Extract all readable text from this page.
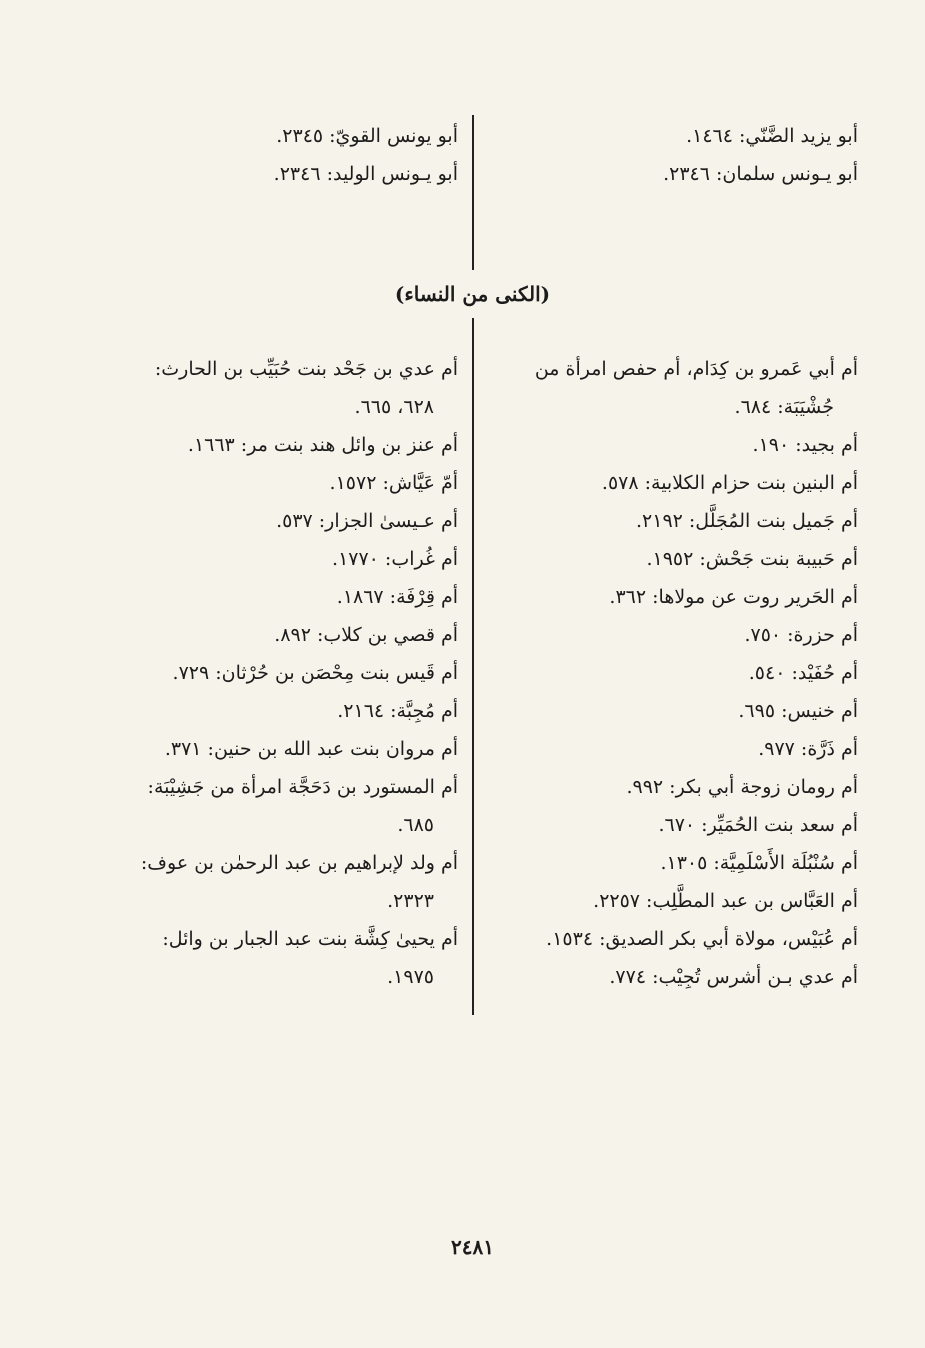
أبو يزيد الضَّنّي: ١٤٦٤.
أبو يـونس سلمان: ٢٣٤٦.
أبو يونس القويّ: ٢٣٤٥.
أبو يـونس الوليد: ٢٣٤٦.
(الكنى من النساء)
أم أبي عَمرو بن كِدَام، أم حفص امرأة من
جُشْيَبَة: ٦٨٤.
أم بجيد: ١٩٠.
أم البنين بنت حزام الكلابية: ٥٧٨.
أم جَميل بنت المُجَلَّل: ٢١٩٢.
أم حَبيبة بنت جَحْش: ١٩٥٢.
أم الحَرير روت عن مولاها: ٣٦٢.
أم حزرة: ٧٥٠.
أم حُفَيْد: ٥٤٠.
أم خنيس: ٦٩٥.
أم ذَرَّة: ٩٧٧.
أم رومان زوجة أبي بكر: ٩٩٢.
أم سعد بنت الحُمَيِّر: ٦٧٠.
أم سُنْبُلَة الأَسْلَمِيَّة: ١٣٠٥.
أم العَبَّاس بن عبد المطَّلِب: ٢٢٥٧.
أم عُبَيْس، مولاة أبي بكر الصديق: ١٥٣٤.
أم عدي بـن أشرس تُجِيْب: ٧٧٤.
أم عدي بن جَحْد بنت حُبَيِّب بن الحارث:
٦٢٨، ٦٦٥.
أم عنز بن وائل هند بنت مر: ١٦٦٣.
أمّ عَيَّاش: ١٥٧٢.
أم عـيسىٰ الجزار: ٥٣٧.
أم غُراب: ١٧٧٠.
أم قِرْفَة: ١٨٦٧.
أم قصي بن كلاب: ٨٩٢.
أم قَيس بنت مِحْصَن بن حُرْثان: ٧٢٩.
أم مُجِبَّة: ٢١٦٤.
أم مروان بنت عبد الله بن حنين: ٣٧١.
أم المستورد بن دَحَجَّة امرأة من جَشِيْبَة:
٦٨٥.
أم ولد لإبراهيم بن عبد الرحمٰن بن عوف:
٢٣٢٣.
أم يحيىٰ كِشَّة بنت عبد الجبار بن وائل:
١٩٧٥.
٢٤٨١
